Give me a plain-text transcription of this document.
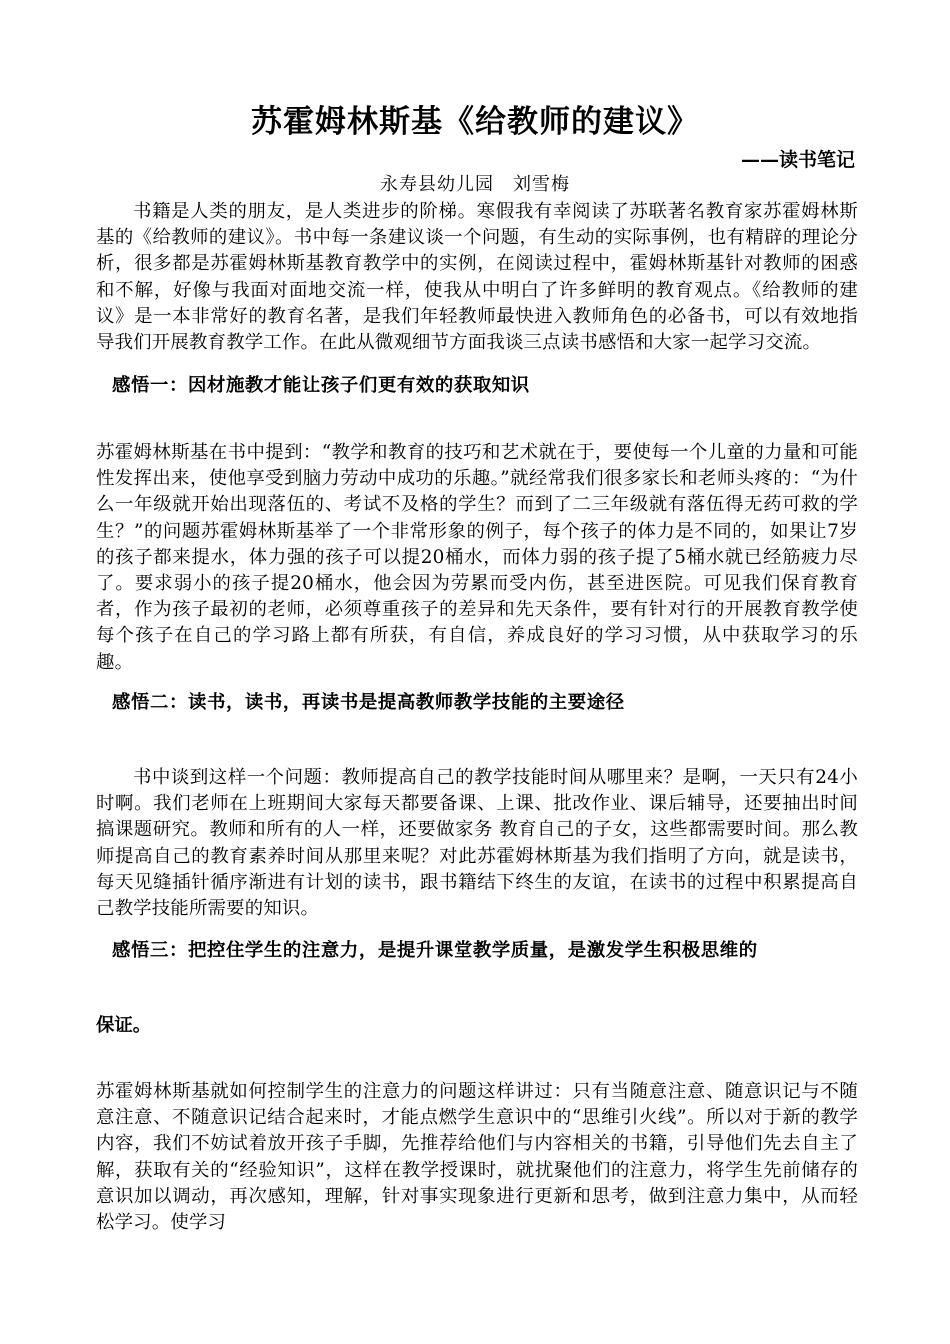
苏霍姆林斯基《给教师的建议》
——读书笔记
永寿县幼儿园　刘雪梅

书籍是人类的朋友，是人类进步的阶梯。寒假我有幸阅读了苏联著名教育家苏霍姆林斯基的《给教师的建议》。书中每一条建议谈一个问题，有生动的实际事例，也有精辟的理论分析，很多都是苏霍姆林斯基教育教学中的实例，在阅读过程中，霍姆林斯基针对教师的困惑和不解，好像与我面对面地交流一样，使我从中明白了许多鲜明的教育观点。《给教师的建议》是一本非常好的教育名著，是我们年轻教师最快进入教师角色的必备书，可以有效地指导我们开展教育教学工作。在此从微观细节方面我谈三点读书感悟和大家一起学习交流。

感悟一：因材施教才能让孩子们更有效的获取知识

苏霍姆林斯基在书中提到：“教学和教育的技巧和艺术就在于，要使每一个儿童的力量和可能性发挥出来，使他享受到脑力劳动中成功的乐趣。”就经常我们很多家长和老师头疼的：“为什么一年级就开始出现落伍的、考试不及格的学生？而到了二三年级就有落伍得无药可救的学生？”的问题苏霍姆林斯基举了一个非常形象的例子，每个孩子的体力是不同的，如果让7岁的孩子都来提水，体力强的孩子可以提20桶水，而体力弱的孩子提了5桶水就已经筋疲力尽了。要求弱小的孩子提20桶水，他会因为劳累而受内伤，甚至进医院。可见我们保育教育者，作为孩子最初的老师，必须尊重孩子的差异和先天条件，要有针对行的开展教育教学使每个孩子在自己的学习路上都有所获，有自信，养成良好的学习习惯，从中获取学习的乐趣。

感悟二：读书，读书，再读书是提高教师教学技能的主要途径

书中谈到这样一个问题：教师提高自己的教学技能时间从哪里来？是啊，一天只有24小时啊。我们老师在上班期间大家每天都要备课、上课、批改作业、课后辅导，还要抽出时间搞课题研究。教师和所有的人一样，还要做家务 教育自己的子女，这些都需要时间。那么教师提高自己的教育素养时间从那里来呢？对此苏霍姆林斯基为我们指明了方向，就是读书，每天见缝插针循序渐进有计划的读书，跟书籍结下终生的友谊，在读书的过程中积累提高自己教学技能所需要的知识。

感悟三：把控住学生的注意力，是提升课堂教学质量，是激发学生积极思维的
保证。

苏霍姆林斯基就如何控制学生的注意力的问题这样讲过：只有当随意注意、随意识记与不随意注意、不随意识记结合起来时，才能点燃学生意识中的“思维引火线”。所以对于新的教学内容，我们不妨试着放开孩子手脚，先推荐给他们与内容相关的书籍，引导他们先去自主了解，获取有关的“经验知识”，这样在教学授课时，就扰聚他们的注意力，将学生先前储存的意识加以调动，再次感知，理解，针对事实现象进行更新和思考，做到注意力集中，从而轻松学习。使学习
